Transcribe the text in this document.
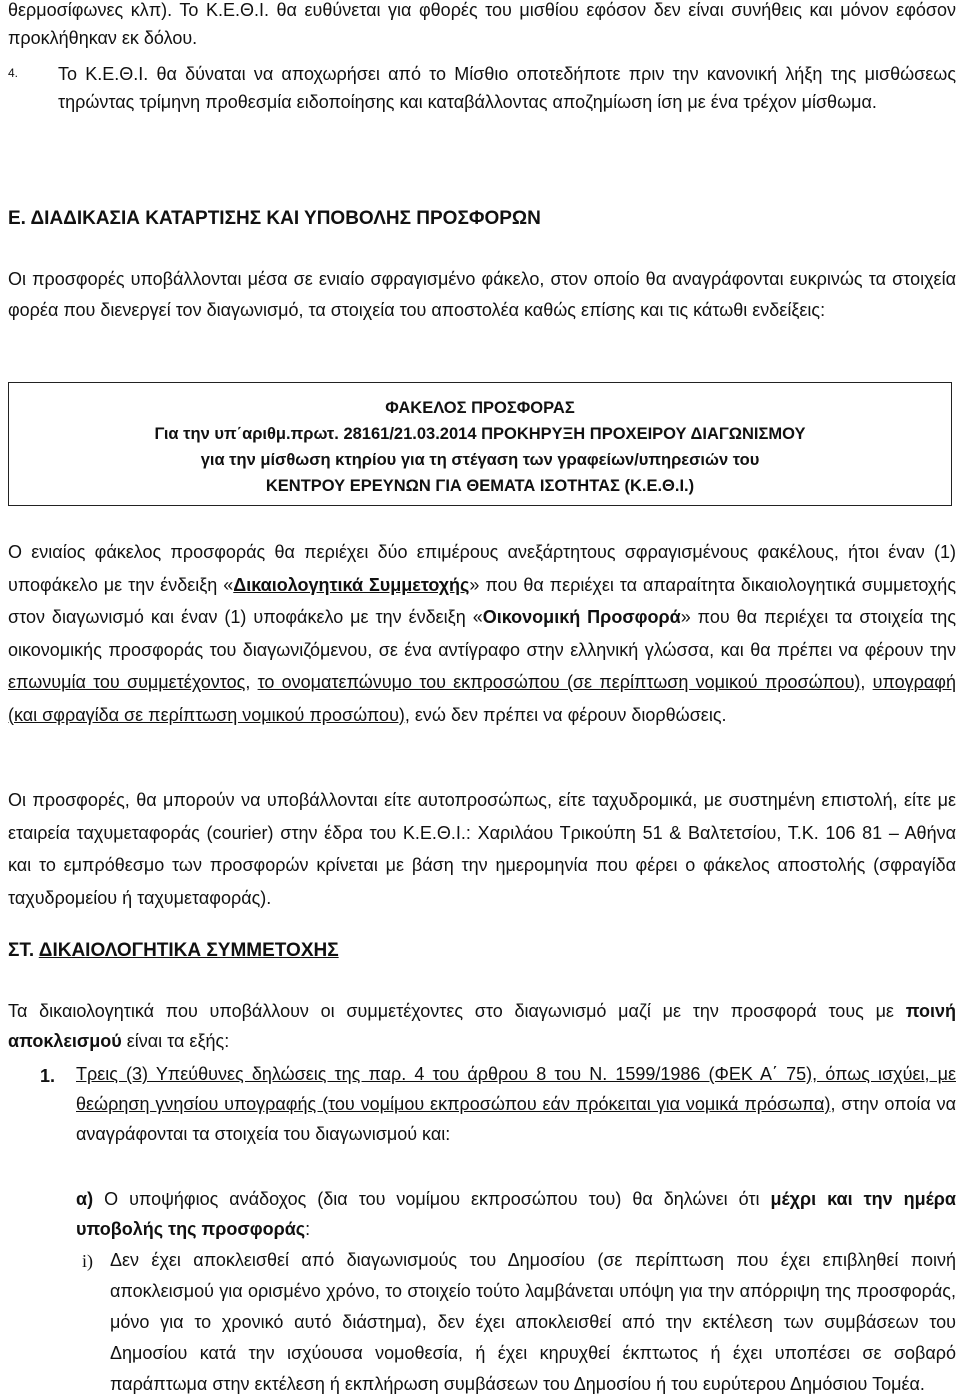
θερμοσίφωνες κλπ). Το Κ.Ε.Θ.Ι. θα ευθύνεται για φθορές του μισθίου εφόσον δεν είναι συνήθεις και μόνον εφόσον προκλήθηκαν εκ δόλου.

4. Το Κ.Ε.Θ.Ι. θα δύναται να αποχωρήσει από το Μίσθιο οποτεδήποτε πριν την κανονική λήξη της μισθώσεως τηρώντας τρίμηνη προθεσμία ειδοποίησης και καταβάλλοντας αποζημίωση ίση με ένα τρέχον μίσθωμα.

Ε. ΔΙΑΔΙΚΑΣΙΑ ΚΑΤΑΡΤΙΣΗΣ ΚΑΙ ΥΠΟΒΟΛΗΣ ΠΡΟΣΦΟΡΩΝ

Οι προσφορές υποβάλλονται μέσα σε ενιαίο σφραγισμένο φάκελο, στον οποίο θα αναγράφονται ευκρινώς τα στοιχεία φορέα που διενεργεί τον διαγωνισμό, τα στοιχεία του αποστολέα καθώς επίσης και τις κάτωθι ενδείξεις:

ΦΑΚΕΛΟΣ ΠΡΟΣΦΟΡΑΣ
Για την υπ΄αριθμ.πρωτ. 28161/21.03.2014 ΠΡΟΚΗΡΥΞΗ ΠΡΟΧΕΙΡΟΥ ΔΙΑΓΩΝΙΣΜΟΥ
για την μίσθωση κτηρίου για τη στέγαση των γραφείων/υπηρεσιών του
ΚΕΝΤΡΟΥ ΕΡΕΥΝΩΝ ΓΙΑ ΘΕΜΑΤΑ ΙΣΟΤΗΤΑΣ (Κ.Ε.Θ.Ι.)

Ο ενιαίος φάκελος προσφοράς θα περιέχει δύο επιμέρους ανεξάρτητους σφραγισμένους φακέλους, ήτοι έναν (1) υποφάκελο με την ένδειξη «Δικαιολογητικά Συμμετοχής» που θα περιέχει τα απαραίτητα δικαιολογητικά συμμετοχής στον διαγωνισμό και έναν (1) υποφάκελο με την ένδειξη «Οικονομική Προσφορά» που θα περιέχει τα στοιχεία της οικονομικής προσφοράς του διαγωνιζόμενου, σε ένα αντίγραφο στην ελληνική γλώσσα, και θα πρέπει να φέρουν την επωνυμία του συμμετέχοντος, το ονοματεπώνυμο του εκπροσώπου (σε περίπτωση νομικού προσώπου), υπογραφή (και σφραγίδα σε περίπτωση νομικού προσώπου), ενώ δεν πρέπει να φέρουν διορθώσεις.

Οι προσφορές, θα μπορούν να υποβάλλονται είτε αυτοπροσώπως, είτε ταχυδρομικά, με συστημένη επιστολή, είτε με εταιρεία ταχυμεταφοράς (courier) στην έδρα του Κ.Ε.Θ.Ι.: Χαριλάου Τρικούπη 51 & Βαλτετσίου, Τ.Κ. 106 81 – Αθήνα και το εμπρόθεσμο των προσφορών κρίνεται με βάση την ημερομηνία που φέρει ο φάκελος αποστολής (σφραγίδα ταχυδρομείου ή ταχυμεταφοράς).

ΣΤ. ΔΙΚΑΙΟΛΟΓΗΤΙΚΑ ΣΥΜΜΕΤΟΧΗΣ

Τα δικαιολογητικά που υποβάλλουν οι συμμετέχοντες στο διαγωνισμό μαζί με την προσφορά τους με ποινή αποκλεισμού είναι τα εξής:

1. Τρεις (3) Υπεύθυνες δηλώσεις της παρ. 4 του άρθρου 8 του Ν. 1599/1986 (ΦΕΚ Α΄ 75), όπως ισχύει, με θεώρηση γνησίου υπογραφής (του νομίμου εκπροσώπου εάν πρόκειται για νομικά πρόσωπα), στην οποία να αναγράφονται τα στοιχεία του διαγωνισμού και:

α) Ο υποψήφιος ανάδοχος (δια του νομίμου εκπροσώπου του) θα δηλώνει ότι μέχρι και την ημέρα υποβολής της προσφοράς:

i) Δεν έχει αποκλεισθεί από διαγωνισμούς του Δημοσίου (σε περίπτωση που έχει επιβληθεί ποινή αποκλεισμού για ορισμένο χρόνο, το στοιχείο τούτο λαμβάνεται υπόψη για την απόρριψη της προσφοράς, μόνο για το χρονικό αυτό διάστημα), δεν έχει αποκλεισθεί από την εκτέλεση των συμβάσεων του Δημοσίου κατά την ισχύουσα νομοθεσία, ή έχει κηρυχθεί έκπτωτος ή έχει υποπέσει σε σοβαρό παράπτωμα στην εκτέλεση ή εκπλήρωση συμβάσεων του Δημοσίου ή του ευρύτερου Δημόσιου Τομέα.
